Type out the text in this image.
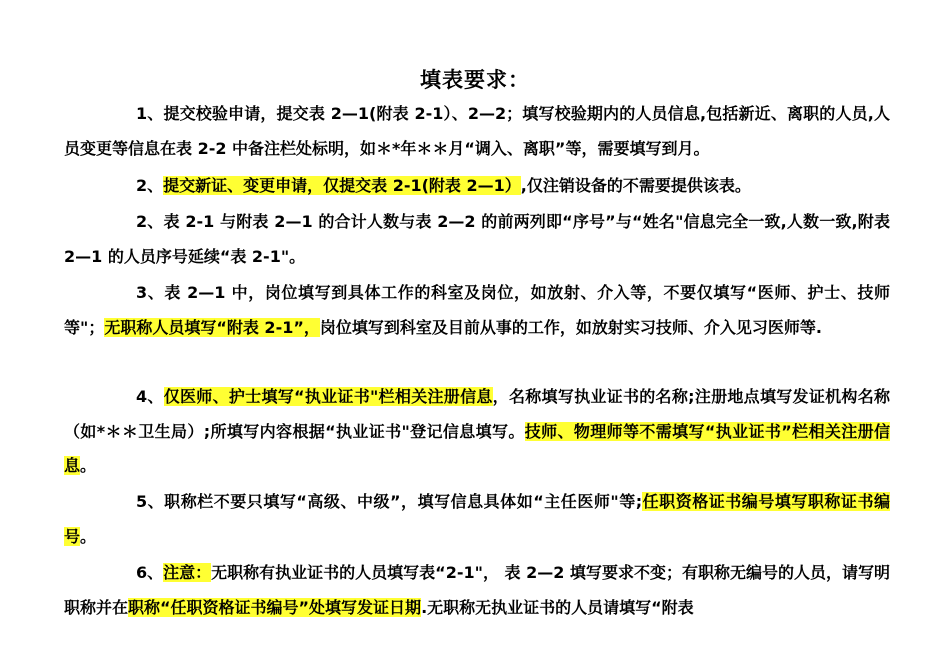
填表要求：

1、提交校验申请，提交表 2—1(附表 2-1）、2—2；填写校验期内的人员信息,包括新近、离职的人员,人员变更等信息在表 2-2 中备注栏处标明，如＊*年＊＊月“调入、离职”等，需要填写到月。

2、提交新证、变更申请，仅提交表 2-1(附表 2—1）,仅注销设备的不需要提供该表。

2、表 2-1 与附表 2—1 的合计人数与表 2—2 的前两列即“序号”与“姓名"信息完全一致,人数一致,附表 2—1 的人员序号延续“表 2-1"。

3、表 2—1 中，岗位填写到具体工作的科室及岗位，如放射、介入等，不要仅填写“医师、护士、技师等"；无职称人员填写“附表 2-1”，岗位填写到科室及目前从事的工作，如放射实习技师、介入见习医师等.

4、仅医师、护士填写“执业证书"栏相关注册信息，名称填写执业证书的名称;注册地点填写发证机构名称（如*＊＊卫生局）;所填写内容根据“执业证书"登记信息填写。技师、物理师等不需填写“执业证书”栏相关注册信息。

5、职称栏不要只填写“高级、中级”，填写信息具体如“主任医师"等;任职资格证书编号填写职称证书编号。

6、注意：无职称有执业证书的人员填写表“2-1"， 表 2—2 填写要求不变；有职称无编号的人员，请写明职称并在职称“任职资格证书编号”处填写发证日期.无职称无执业证书的人员请填写“附表
